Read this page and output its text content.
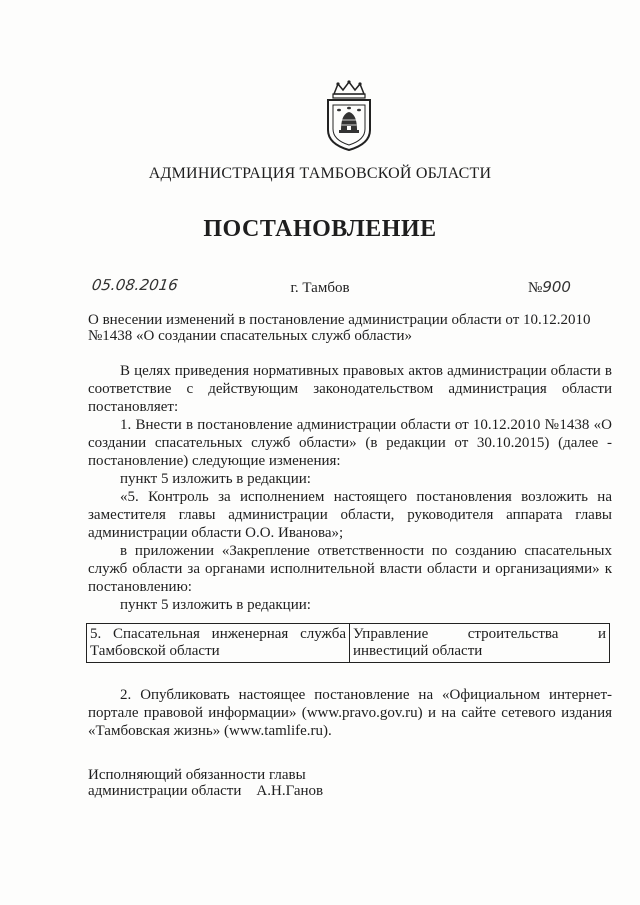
АДМИНИСТРАЦИЯ ТАМБОВСКОЙ ОБЛАСТИ
ПОСТАНОВЛЕНИЕ
05.08.2016	г. Тамбов	№900
О внесении изменений в постановление администрации области от 10.12.2010
№1438 «О создании спасательных служб области»

В целях приведения нормативных правовых актов администрации области в соответствие с действующим законодательством администрация области постановляет:

1. Внести в постановление администрации области от 10.12.2010 №1438 «О создании спасательных служб области» (в редакции от 30.10.2015) (далее - постановление) следующие изменения:

пункт 5 изложить в редакции:

«5. Контроль за исполнением настоящего постановления возложить на заместителя главы администрации области, руководителя аппарата главы администрации области О.О. Иванова»;

в приложении «Закрепление ответственности по созданию спасательных служб области за органами исполнительной власти области и организациями» к постановлению:

пункт 5 изложить в редакции:

5. Спасательная инженерная служба Тамбовской области	Управление строительства и инвестиций области

2. Опубликовать настоящее постановление на «Официальном интернет-портале правовой информации» (www.pravo.gov.ru) и на сайте сетевого издания «Тамбовская жизнь» (www.tamlife.ru).

Исполняющий обязанности главы
администрации области А.Н.Ганов
